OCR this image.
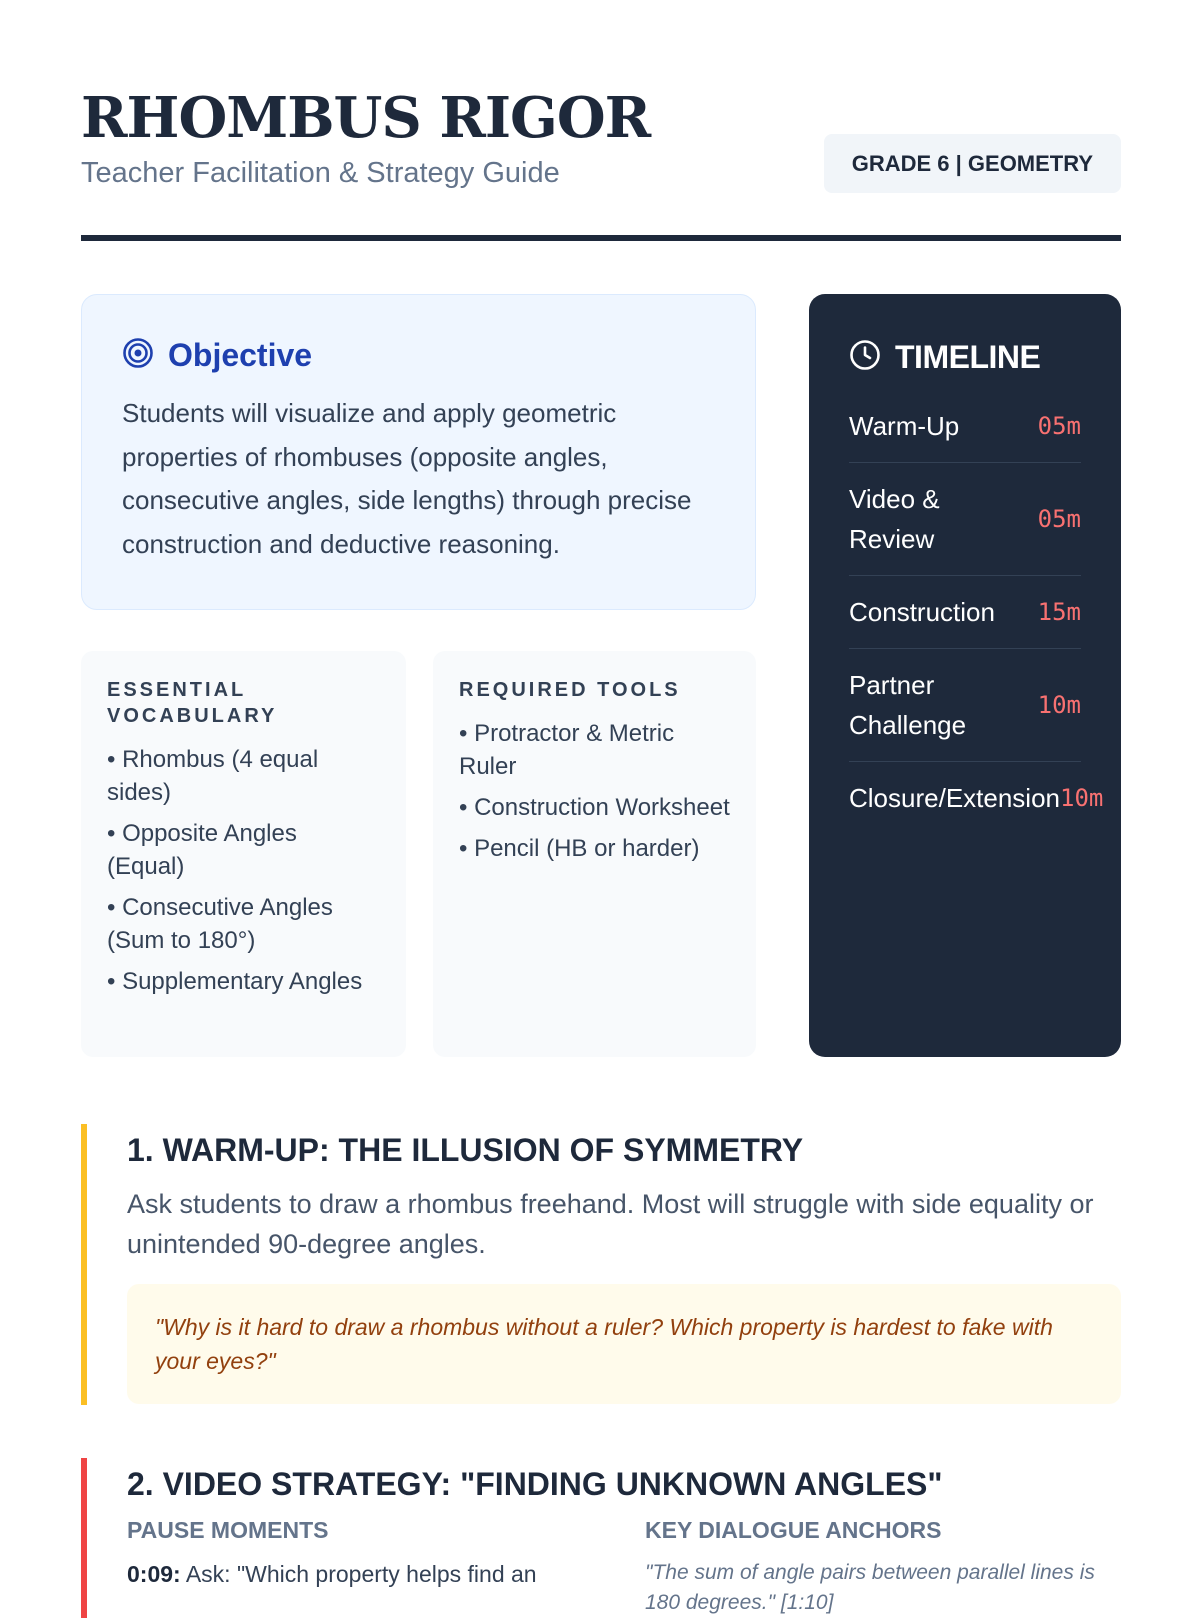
RHOMBUS RIGOR
Teacher Facilitation & Strategy Guide	GRADE 6 | GEOMETRY
Objective
Students will visualize and apply geometric properties of rhombuses (opposite angles, consecutive angles, side lengths) through precise construction and deductive reasoning.
ESSENTIAL VOCABULARY
• Rhombus (4 equal sides)
• Opposite Angles (Equal)
• Consecutive Angles (Sum to 180°)
• Supplementary Angles
REQUIRED TOOLS
• Protractor & Metric Ruler
• Construction Worksheet
• Pencil (HB or harder)
TIMELINE
Warm-Up	05m
Video & Review
05m
Construction 15m
Partner Challenge
10m
Closure/Extension 10m
1. WARM-UP: THE ILLUSION OF SYMMETRY
Ask students to draw a rhombus freehand. Most will struggle with side equality or unintended 90-degree angles.
"Why is it hard to draw a rhombus without a ruler? Which property is hardest to fake with your eyes?"
2. VIDEO STRATEGY: "FINDING UNKNOWN ANGLES"
PAUSE MOMENTS
0:09: Ask: "Which property helps find an
KEY DIALOGUE ANCHORS
"The sum of angle pairs between parallel lines is 180 degrees." [1:10]
